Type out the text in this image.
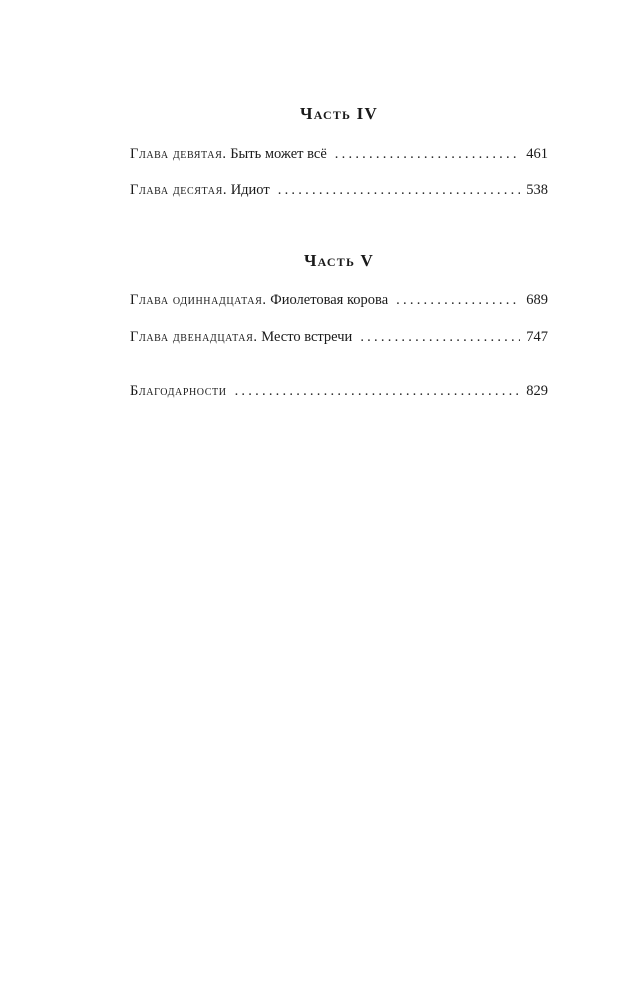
Часть IV
Глава девятая. Быть может всё . . .	461
Глава десятая. Идиот . . .	538
Часть V
Глава одиннадцатая. Фиолетовая корова . . .	689
Глава двенадцатая. Место встречи . . .	747
Благодарности . . .	829
